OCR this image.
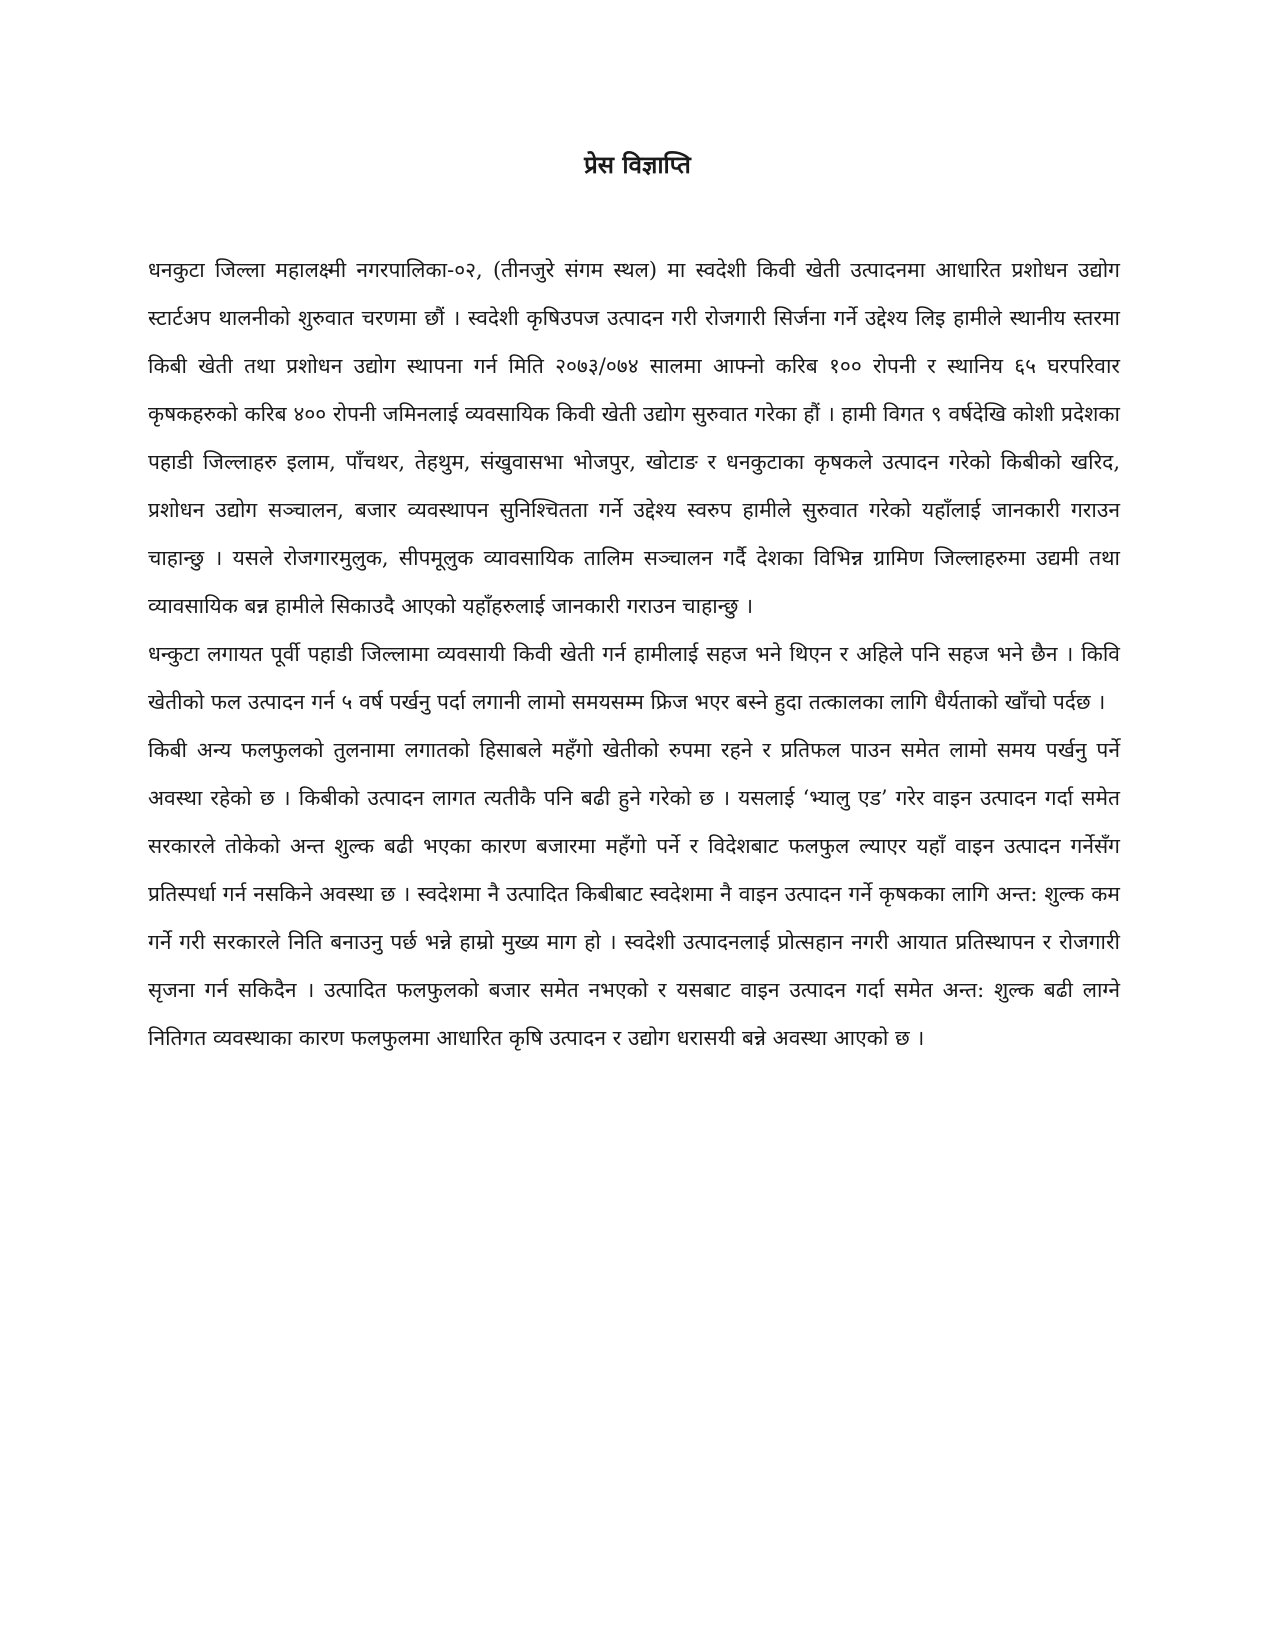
प्रेस विज्ञाप्ति

धनकुटा जिल्ला महालक्ष्मी नगरपालिका-०२, (तीनजुरे संगम स्थल) मा स्वदेशी किवी खेती उत्पादनमा आधारित प्रशोधन उद्योग स्टार्टअप थालनीको शुरुवात चरणमा छौं । स्वदेशी कृषिउपज उत्पादन गरी रोजगारी सिर्जना गर्ने उद्देश्य लिइ हामीले स्थानीय स्तरमा किबी खेती तथा प्रशोधन उद्योग स्थापना गर्न मिति २०७३/०७४ सालमा आफ्नो करिब १०० रोपनी र स्थानिय ६५ घरपरिवार कृषकहरुको करिब ४०० रोपनी जमिनलाई व्यवसायिक किवी खेती उद्योग सुरुवात गरेका हौं । हामी विगत ९ वर्षदेखि कोशी प्रदेशका पहाडी जिल्लाहरु इलाम, पाँचथर, तेहथुम, संखुवासभा भोजपुर, खोटाङ र धनकुटाका कृषकले उत्पादन गरेको किबीको खरिद, प्रशोधन उद्योग सञ्चालन, बजार व्यवस्थापन सुनिश्चितता गर्ने उद्देश्य स्वरुप हामीले सुरुवात गरेको यहाँलाई जानकारी गराउन चाहान्छु । यसले रोजगारमुलुक, सीपमूलुक व्यावसायिक तालिम सञ्चालन गर्दै देशका विभिन्न ग्रामिण जिल्लाहरुमा उद्यमी तथा व्यावसायिक बन्न हामीले सिकाउदै आएको यहाँहरुलाई जानकारी गराउन चाहान्छु ।

धन्कुटा लगायत पूर्वी पहाडी जिल्लामा व्यवसायी किवी खेती गर्न हामीलाई सहज भने थिएन र अहिले पनि सहज भने छैन । किवि खेतीको फल उत्पादन गर्न ५ वर्ष पर्खनु पर्दा लगानी लामो समयसम्म फ्रिज भएर बस्ने हुदा तत्कालका लागि धैर्यताको खाँचो पर्दछ ।

किबी अन्य फलफुलको तुलनामा लगातको हिसाबले महँगो खेतीको रुपमा रहने र प्रतिफल पाउन समेत लामो समय पर्खनु पर्ने अवस्था रहेको छ । किबीको उत्पादन लागत त्यतीकै पनि बढी हुने गरेको छ । यसलाई ‘भ्यालु एड’ गरेर वाइन उत्पादन गर्दा समेत सरकारले तोकेको अन्त शुल्क बढी भएका कारण बजारमा महँगो पर्ने र विदेशबाट फलफुल ल्याएर यहाँ वाइन उत्पादन गर्नेसँग प्रतिस्पर्धा गर्न नसकिने अवस्था छ । स्वदेशमा नै उत्पादित किबीबाट स्वदेशमा नै वाइन उत्पादन गर्ने कृषकका लागि अन्त: शुल्क कम गर्ने गरी सरकारले निति बनाउनु पर्छ भन्ने हाम्रो मुख्य माग हो । स्वदेशी उत्पादनलाई प्रोत्सहान नगरी आयात प्रतिस्थापन र रोजगारी सृजना गर्न सकिदैन । उत्पादित फलफुलको बजार समेत नभएको र यसबाट वाइन उत्पादन गर्दा समेत अन्त: शुल्क बढी लाग्ने नितिगत व्यवस्थाका कारण फलफुलमा आधारित कृषि उत्पादन र उद्योग धरासयी बन्ने अवस्था आएको छ ।
